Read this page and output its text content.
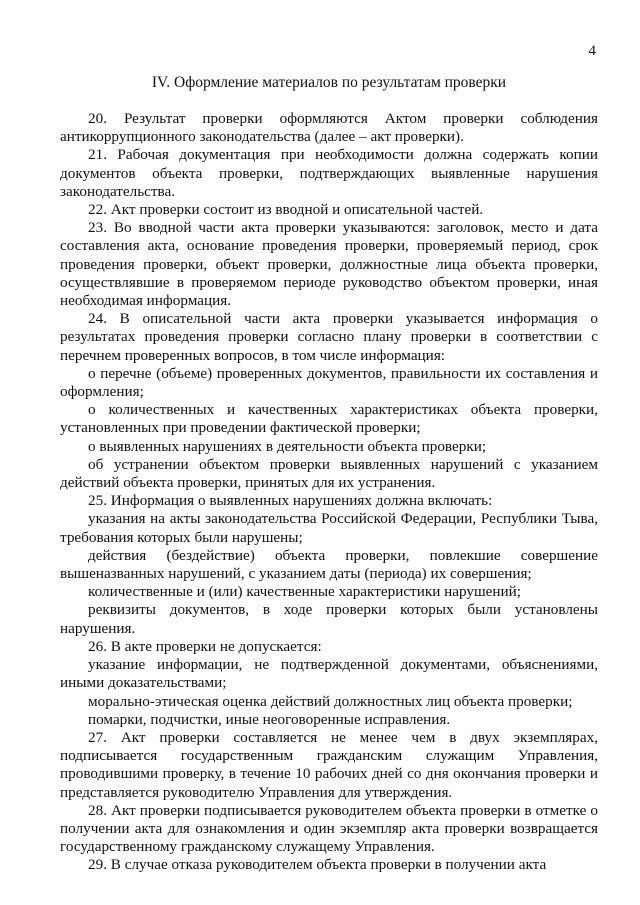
4
IV. Оформление материалов по результатам проверки

20. Результат проверки оформляются Актом проверки соблюдения антикоррупционного законодательства (далее – акт проверки).

21. Рабочая документация при необходимости должна содержать копии документов объекта проверки, подтверждающих выявленные нарушения законодательства.

22. Акт проверки состоит из вводной и описательной частей.

23. Во вводной части акта проверки указываются: заголовок, место и дата составления акта, основание проведения проверки, проверяемый период, срок проведения проверки, объект проверки, должностные лица объекта проверки, осуществлявшие в проверяемом периоде руководство объектом проверки, иная необходимая информация.

24. В описательной части акта проверки указывается информация о результатах проведения проверки согласно плану проверки в соответствии с перечнем проверенных вопросов, в том числе информация:

о перечне (объеме) проверенных документов, правильности их составления и оформления;

о количественных и качественных характеристиках объекта проверки, установленных при проведении фактической проверки;

о выявленных нарушениях в деятельности объекта проверки;

об устранении объектом проверки выявленных нарушений с указанием действий объекта проверки, принятых для их устранения.

25. Информация о выявленных нарушениях должна включать:

указания на акты законодательства Российской Федерации, Республики Тыва, требования которых были нарушены;

действия (бездействие) объекта проверки, повлекшие совершение вышеназванных нарушений, с указанием даты (периода) их совершения;

количественные и (или) качественные характеристики нарушений;

реквизиты документов, в ходе проверки которых были установлены нарушения.

26. В акте проверки не допускается:

указание информации, не подтвержденной документами, объяснениями, иными доказательствами;

морально-этическая оценка действий должностных лиц объекта проверки;

помарки, подчистки, иные неоговоренные исправления.

27. Акт проверки составляется не менее чем в двух экземплярах, подписывается государственным гражданским служащим Управления, проводившими проверку, в течение 10 рабочих дней со дня окончания проверки и представляется руководителю Управления для утверждения.

28. Акт проверки подписывается руководителем объекта проверки в отметке о получении акта для ознакомления и один экземпляр акта проверки возвращается государственному гражданскому служащему Управления.

29. В случае отказа руководителем объекта проверки в получении акта
